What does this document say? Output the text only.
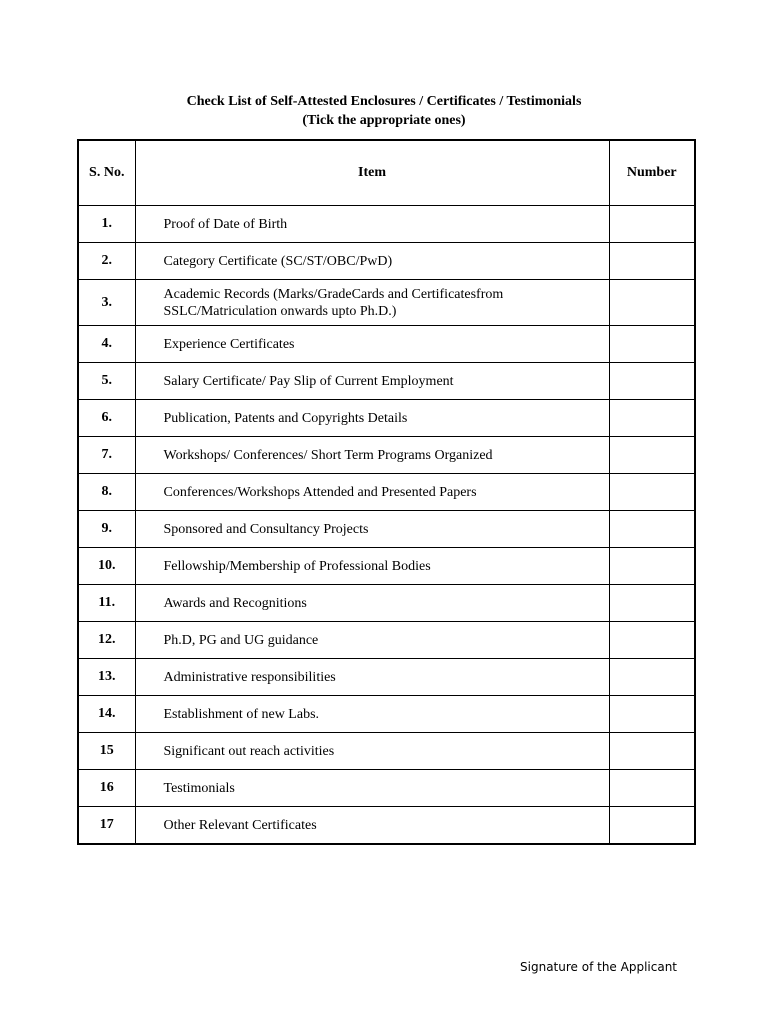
Check List of Self-Attested Enclosures / Certificates / Testimonials
(Tick the appropriate ones)
S. No.	Item	Number
1.	Proof of Date of Birth	
2.	Category Certificate (SC/ST/OBC/PwD)	
3.	Academic Records (Marks/GradeCards and Certificatesfrom
SSLC/Matriculation onwards upto Ph.D.)	

4.	Experience Certificates	
5.	Salary Certificate/ Pay Slip of Current Employment	
6.	Publication, Patents and Copyrights Details	
7.	Workshops/ Conferences/ Short Term Programs Organized	
8.	Conferences/Workshops Attended and Presented Papers	
9.	Sponsored and Consultancy Projects	
10.	Fellowship/Membership of Professional Bodies	
11.	Awards and Recognitions	
12.	Ph.D, PG and UG guidance	
13.	Administrative responsibilities	
14.	Establishment of new Labs.	
15	Significant out reach activities	
16	Testimonials	
17	Other Relevant Certificates	
Signature of the Applicant
